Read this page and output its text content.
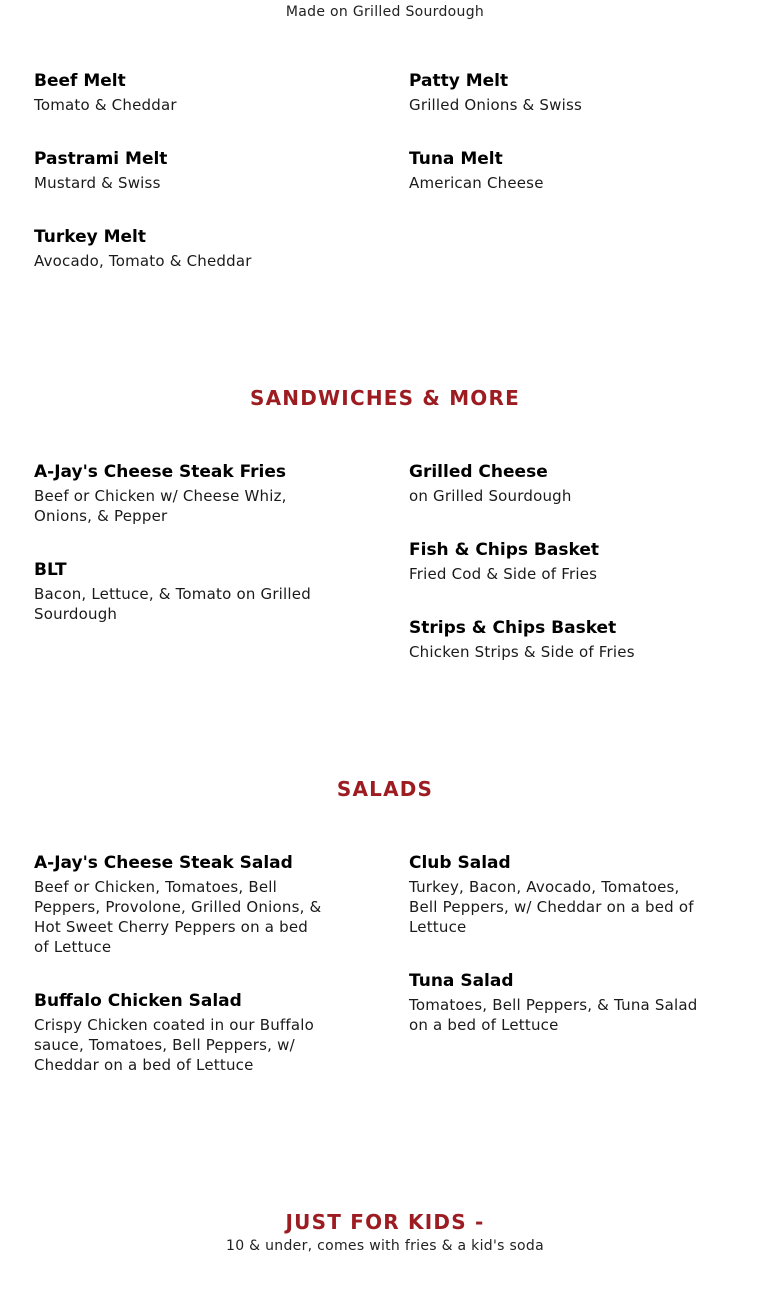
Made on Grilled Sourdough
Beef Melt
Tomato & Cheddar
Patty Melt
Grilled Onions & Swiss
Pastrami Melt
Mustard & Swiss
Tuna Melt
American Cheese
Turkey Melt
Avocado, Tomato & Cheddar
SANDWICHES & MORE
A-Jay's Cheese Steak Fries
Beef or Chicken w/ Cheese Whiz, Onions, & Pepper
Grilled Cheese
on Grilled Sourdough
BLT
Bacon, Lettuce, & Tomato on Grilled Sourdough
Fish & Chips Basket
Fried Cod & Side of Fries
Strips & Chips Basket
Chicken Strips & Side of Fries
SALADS
A-Jay's Cheese Steak Salad
Beef or Chicken, Tomatoes, Bell Peppers, Provolone, Grilled Onions, & Hot Sweet Cherry Peppers on a bed of Lettuce
Club Salad
Turkey, Bacon, Avocado, Tomatoes, Bell Peppers, w/ Cheddar on a bed of Lettuce
Buffalo Chicken Salad
Crispy Chicken coated in our Buffalo sauce, Tomatoes, Bell Peppers, w/ Cheddar on a bed of Lettuce
Tuna Salad
Tomatoes, Bell Peppers, & Tuna Salad on a bed of Lettuce
JUST FOR KIDS -
10 & under, comes with fries & a kid's soda
